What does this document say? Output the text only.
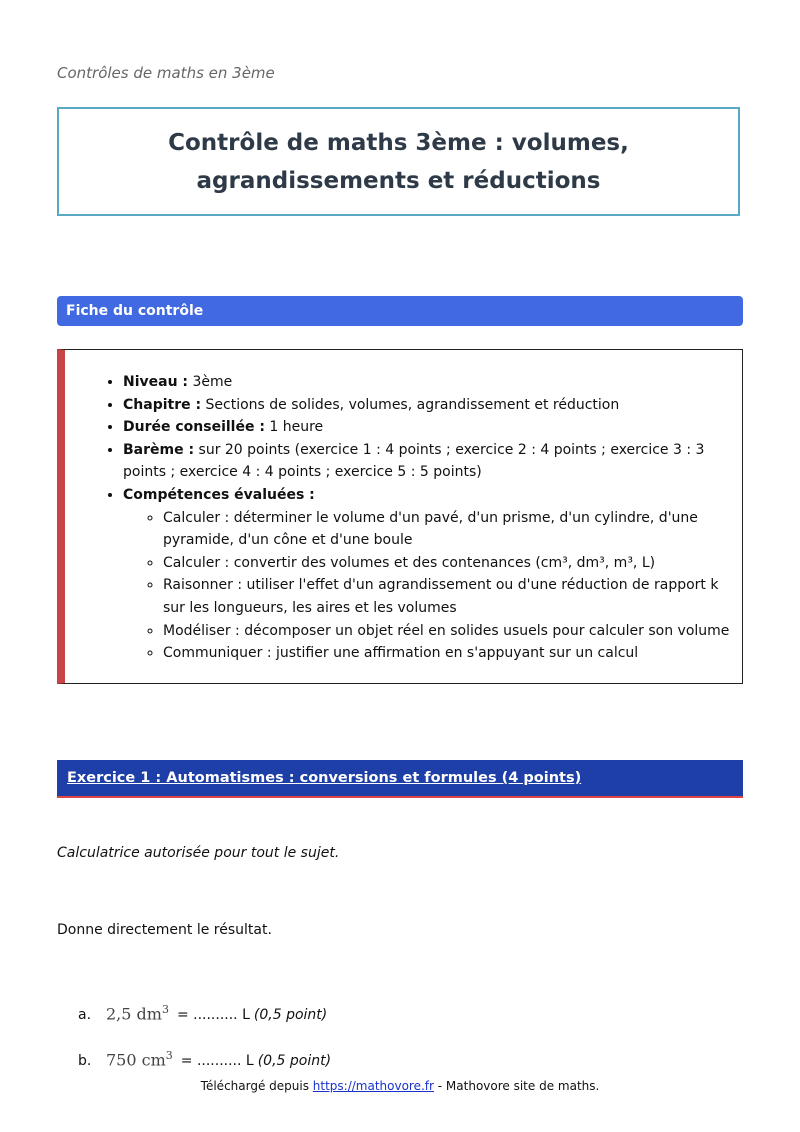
Contrôles de maths en 3ème
Contrôle de maths 3ème : volumes,
agrandissements et réductions
Fiche du contrôle
• Niveau : 3ème
• Chapitre : Sections de solides, volumes, agrandissement et réduction
• Durée conseillée : 1 heure
• Barème : sur 20 points (exercice 1 : 4 points ; exercice 2 : 4 points ; exercice 3 : 3 points ; exercice 4 : 4 points ; exercice 5 : 5 points)
• Compétences évaluées :
◦ Calculer : déterminer le volume d'un pavé, d'un prisme, d'un cylindre, d'une pyramide, d'un cône et d'une boule
◦ Calculer : convertir des volumes et des contenances (cm³, dm³, m³, L)
◦ Raisonner : utiliser l'effet d'un agrandissement ou d'une réduction de rapport k sur les longueurs, les aires et les volumes
◦ Modéliser : décomposer un objet réel en solides usuels pour calculer son volume
◦ Communiquer : justifier une affirmation en s'appuyant sur un calcul
Exercice 1 : Automatismes : conversions et formules (4 points)
Calculatrice autorisée pour tout le sujet.
Donne directement le résultat.
a. 2,5 $dm^3$ = .......... L (0,5 point)
b. 750 $cm^3$ = .......... L (0,5 point)
Téléchargé depuis https://mathovore.fr - Mathovore site de maths.
